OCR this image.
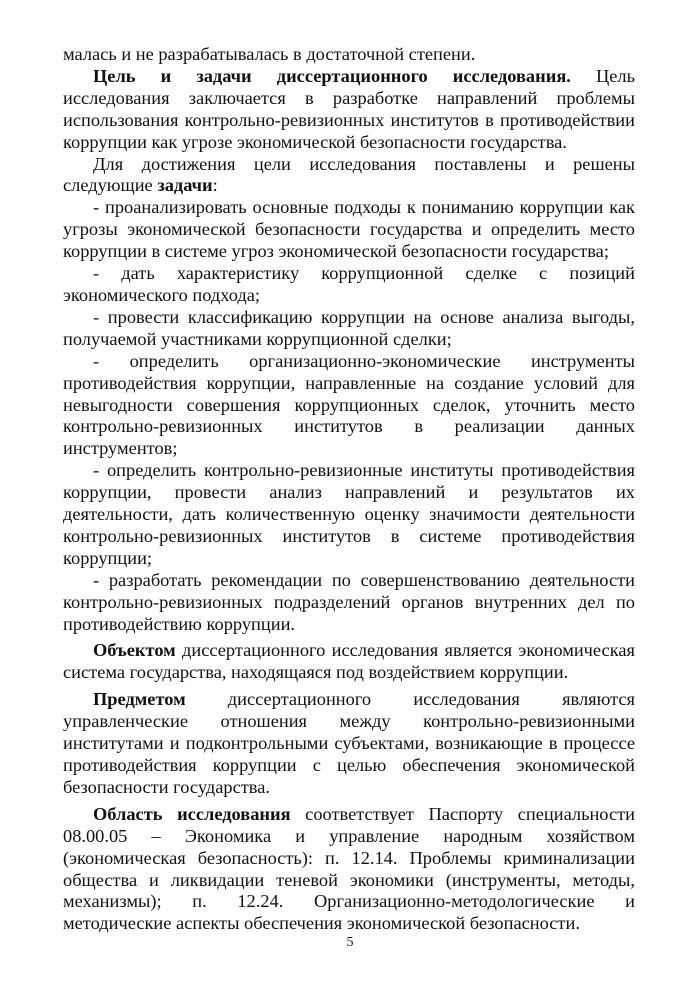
малась и не разрабатывалась в достаточной степени.

Цель и задачи диссертационного исследования. Цель исследования заключается в разработке направлений проблемы использования контрольно-ревизионных институтов в противодействии коррупции как угрозе экономической безопасности государства.

Для достижения цели исследования поставлены и решены следующие задачи:

- проанализировать основные подходы к пониманию коррупции как угрозы экономической безопасности государства и определить место коррупции в системе угроз экономической безопасности государства;

- дать характеристику коррупционной сделке с позиций экономического подхода;

- провести классификацию коррупции на основе анализа выгоды, получаемой участниками коррупционной сделки;

- определить организационно-экономические инструменты противодействия коррупции, направленные на создание условий для невыгодности совершения коррупционных сделок, уточнить место контрольно-ревизионных институтов в реализации данных инструментов;

- определить контрольно-ревизионные институты противодействия коррупции, провести анализ направлений и результатов их деятельности, дать количественную оценку значимости деятельности контрольно-ревизионных институтов в системе противодействия коррупции;

- разработать рекомендации по совершенствованию деятельности контрольно-ревизионных подразделений органов внутренних дел по противодействию коррупции.

Объектом диссертационного исследования является экономическая система государства, находящаяся под воздействием коррупции.

Предметом диссертационного исследования являются управленческие отношения между контрольно-ревизионными институтами и подконтрольными субъектами, возникающие в процессе противодействия коррупции с целью обеспечения экономической безопасности государства.

Область исследования соответствует Паспорту специальности 08.00.05 – Экономика и управление народным хозяйством (экономическая безопасность): п. 12.14. Проблемы криминализации общества и ликвидации теневой экономики (инструменты, методы, механизмы); п. 12.24. Организационно-методологические и методические аспекты обеспечения экономической безопасности.

5
